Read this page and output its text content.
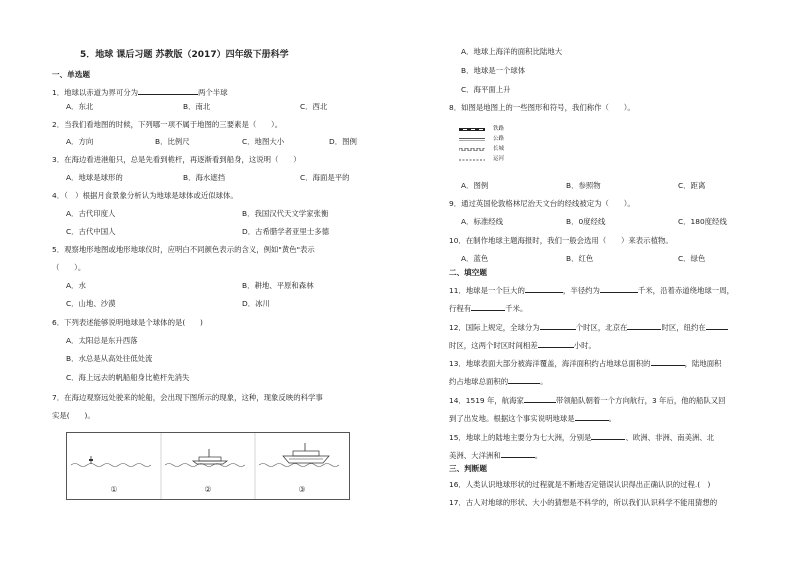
5．地球 课后习题 苏教版（2017）四年级下册科学
一、单选题
1．地球以赤道为界可分为	两个半球
A．东北	B．南北	C．西北
2．当我们看地图的时候，下列哪一项不属于地图的三要素是（　　）。
A．方向	B．比例尺	C．地图大小	D．图例
3．在海边看进港船只，总是先看到桅杆，再逐渐看到船身，这说明（　　）
A．地球是球形的	B．海水遮挡	C．海面是平的
4．（　）根据月食景象分析认为地球是球体或近似球体。
A．古代印度人	B．我国汉代天文学家张衡
C．古代中国人	D．古希腊学者亚里士多德
5．观察地形地图或地形地球仪时，应明白不同颜色表示的含义，例如"黄色"表示
（　　）。
A．水	B．耕地、平原和森林
C．山地、沙漠	D．冰川
6．下列表述能够说明地球是个球体的是(　　)
A．太阳总是东升西落
B．水总是从高处往低处流
C．海上远去的帆船船身比桅杆先消失
7．在海边观察远处驶来的轮船，会出现下图所示的现象，这种，现象反映的科学事
实是(　　)。
①	②	③
A．地球上海洋的面积比陆地大
B．地球是一个球体
C．海平面上升
8．如图是地图上的一些图形和符号，我们称作（　　）。
铁路
公路
长城
运河
A．图例	B．参照物	C．距离
9．通过英国伦敦格林尼治天文台的经线被定为（　　）。
A．标准经线	B．0度经线	C．180度经线
10．在制作地球主题海报时，我们一般会选用（　　）来表示植物。
A．蓝色	B．红色	C．绿色
二、填空题
11．地球是一个巨大的	，半径约为	千米，沿着赤道绕地球一周，
行程有	千米。
12．国际上规定，全球分为	个时区，北京在	时区，纽约在
时区，这两个时区时间相差	小时。
13．地球表面大部分被海洋覆盖，海洋面积约占地球总面积的	，陆地面积
约占地球总面积的	。
14．1519 年，航海家	带领船队朝着一个方向航行，3 年后，他的船队又回
到了出发地。根据这个事实说明地球是	。
15．地球上的陆地主要分为七大洲，分别是	、欧洲、非洲、南美洲、北
美洲、大洋洲和	。
三、判断题
16．人类认识地球形状的过程就是不断地否定错误认识得出正确认识的过程.(　)
17．古人对地球的形状、大小的猜想是不科学的，所以我们认识科学不能用猜想的
